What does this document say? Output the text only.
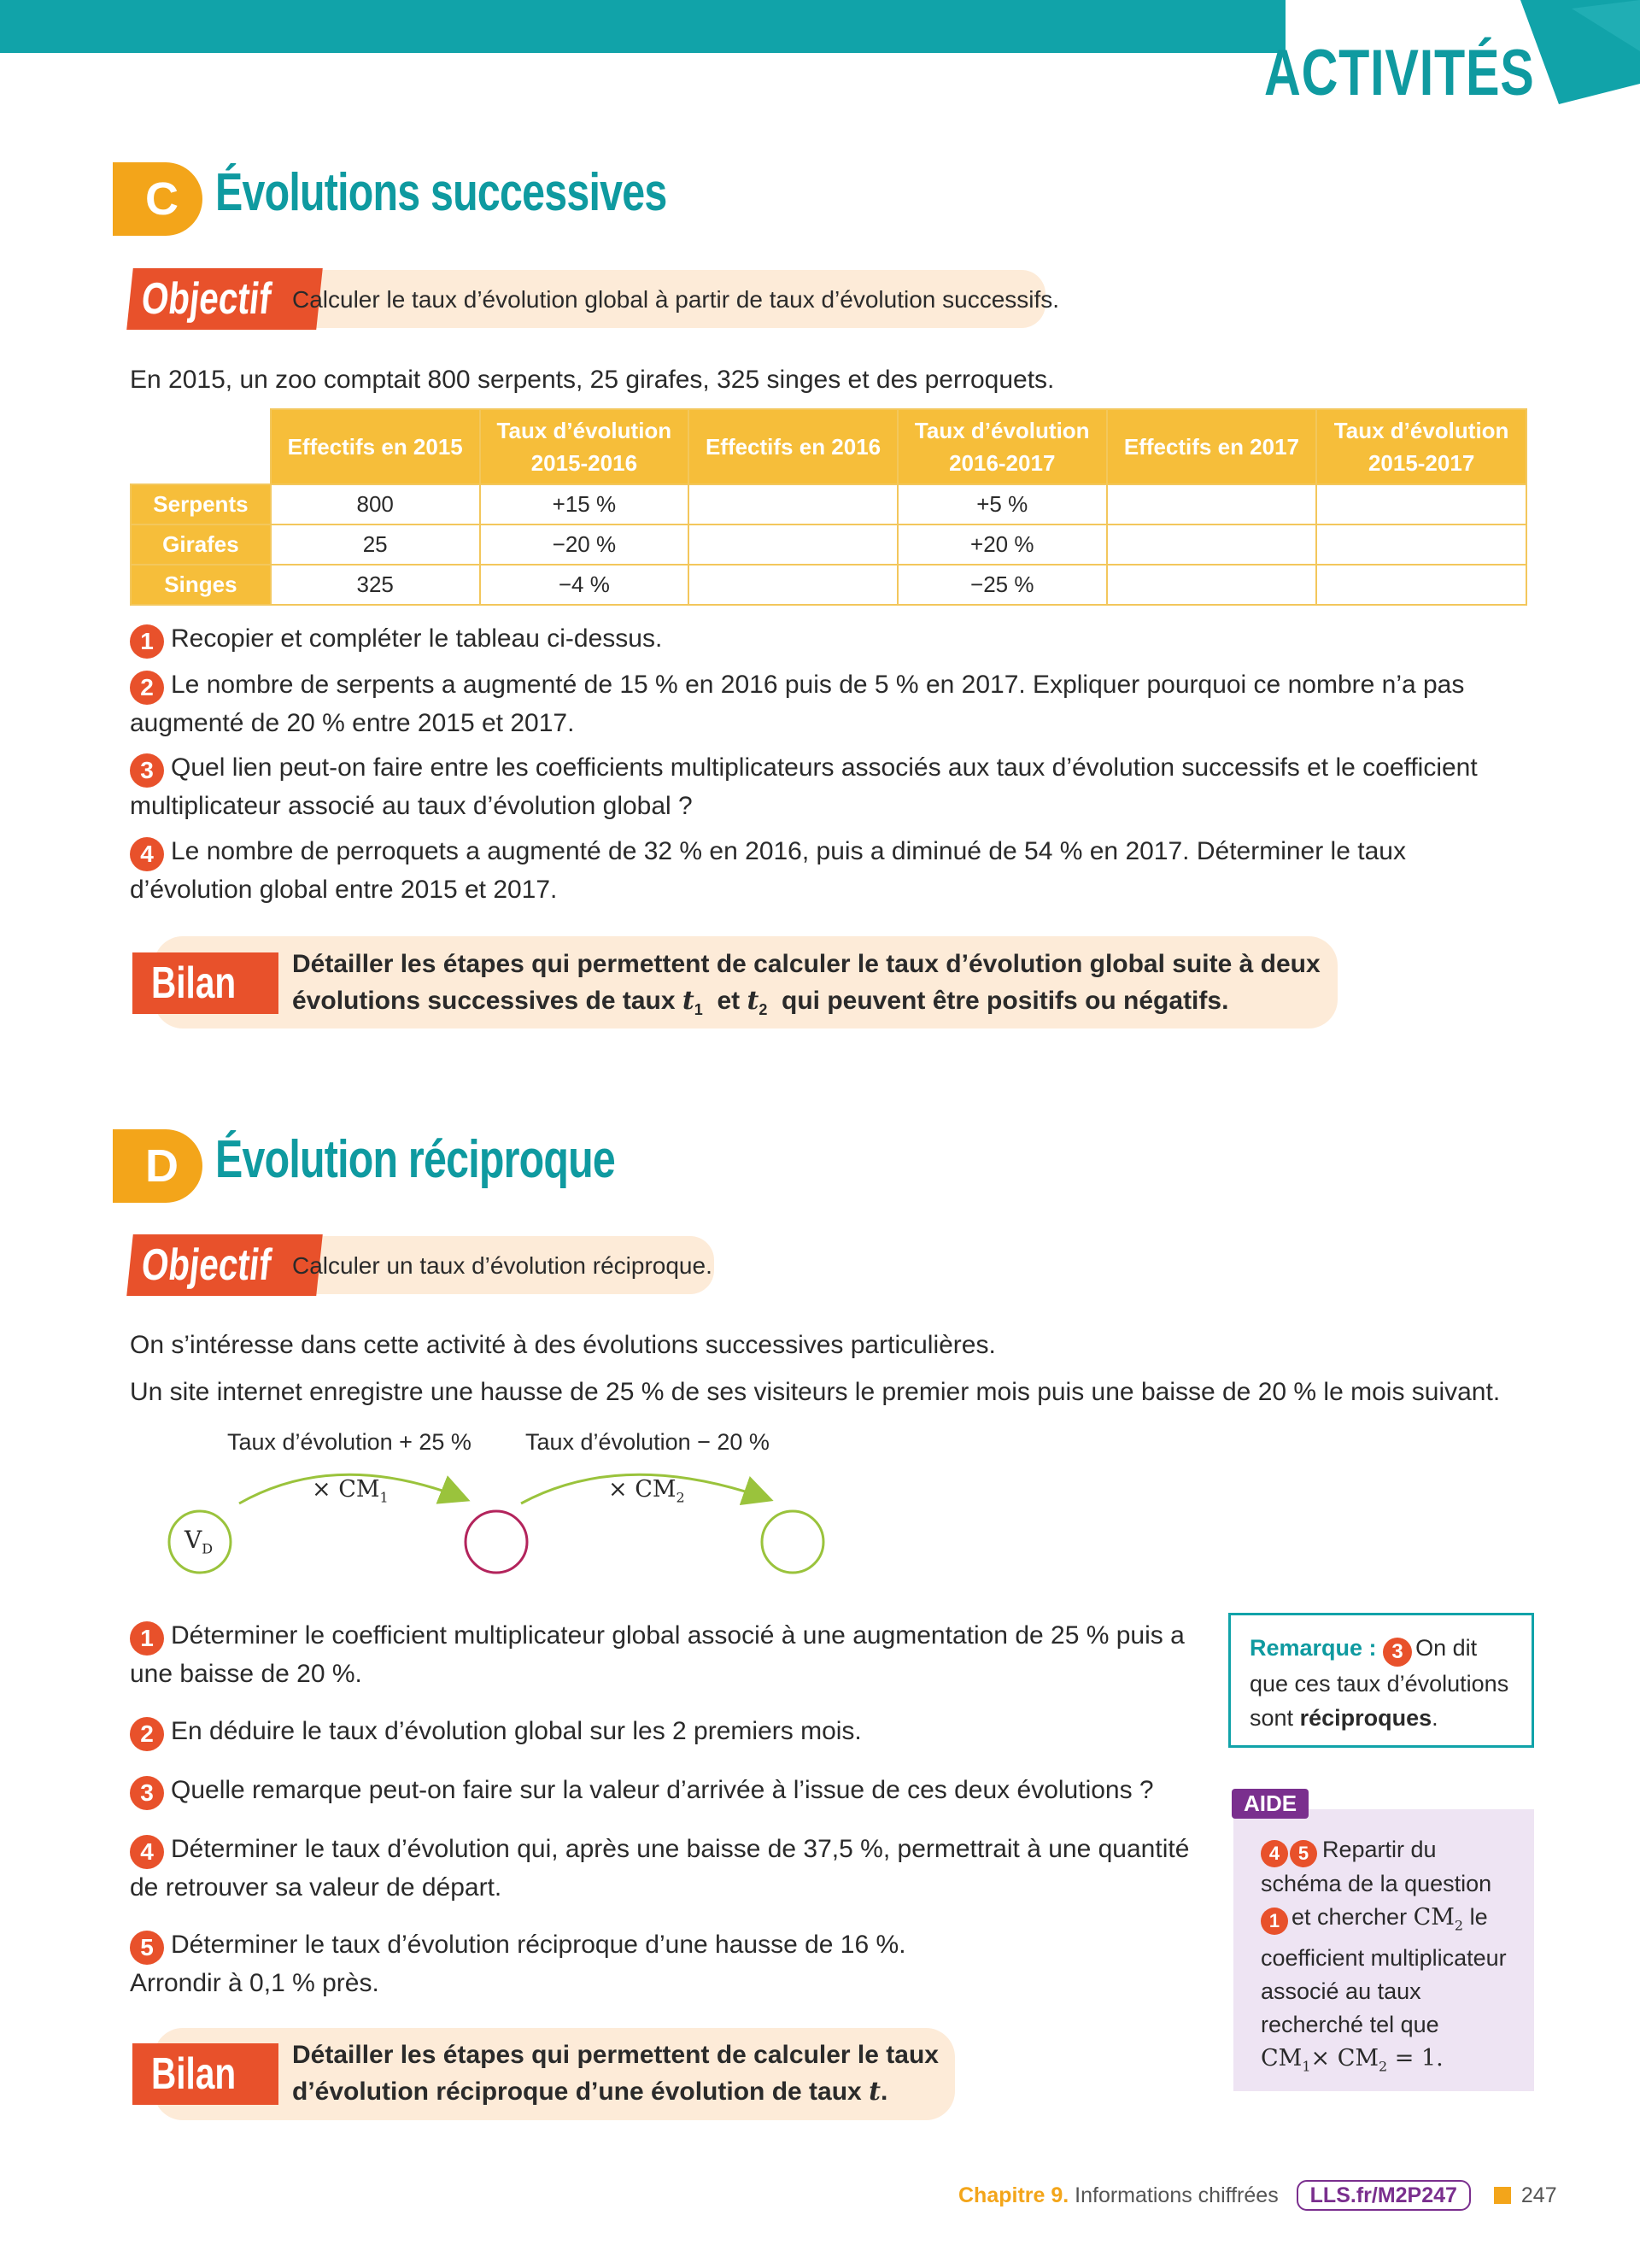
ACTIVITÉS
C Évolutions successives
Objectif Calculer le taux d’évolution global à partir de taux d’évolution successifs.
En 2015, un zoo comptait 800 serpents, 25 girafes, 325 singes et des perroquets.
	Effectifs en 2015	Taux d’évolution 2015-2016	Effectifs en 2016	Taux d’évolution 2016-2017	Effectifs en 2017	Taux d’évolution 2015-2017
Serpents	800	+15 %		+5 %		
Girafes	25	−20 %		+20 %		
Singes	325	−4 %		−25 %		
1 Recopier et compléter le tableau ci-dessus.
2 Le nombre de serpents a augmenté de 15 % en 2016 puis de 5 % en 2017. Expliquer pourquoi ce nombre n’a pas augmenté de 20 % entre 2015 et 2017.
3 Quel lien peut-on faire entre les coefficients multiplicateurs associés aux taux d’évolution successifs et le coefficient multiplicateur associé au taux d’évolution global ?
4 Le nombre de perroquets a augmenté de 32 % en 2016, puis a diminué de 54 % en 2017. Déterminer le taux d’évolution global entre 2015 et 2017.
Bilan	Détailler les étapes qui permettent de calculer le taux d’évolution global suite à deux
évolutions successives de taux $t_1$ et $t_2$ qui peuvent être positifs ou négatifs.
D Évolution réciproque
Objectif Calculer un taux d’évolution réciproque.
On s’intéresse dans cette activité à des évolutions successives particulières.
Un site internet enregistre une hausse de 25 % de ses visiteurs le premier mois puis une baisse de 20 % le mois suivant.
Taux d’évolution + 25 % Taux d’évolution − 20 %
× $CM_1$	× $CM_2$
$V_D$
1 Déterminer le coefficient multiplicateur global associé à une augmentation de 25 % puis a une baisse de 20 %.
2 En déduire le taux d’évolution global sur les 2 premiers mois.
3 Quelle remarque peut-on faire sur la valeur d’arrivée à l’issue de ces deux évolutions ?
4 Déterminer le taux d’évolution qui, après une baisse de 37,5 %, permettrait à une quantité de retrouver sa valeur de départ.
5 Déterminer le taux d’évolution réciproque d’une hausse de 16 %.
Arrondir à 0,1 % près.
Remarque : 3 On dit que ces taux d’évolutions sont réciproques.
4 5 Repartir du schéma de la question 1 et chercher $CM_2$ le coefficient multiplicateur associé au taux recherché tel que $CM_1\times CM_2 = 1$.
AIDE
Bilan	Détailler les étapes qui permettent de calculer le taux
d’évolution réciproque d’une évolution de taux t.
Chapitre 9. Informations chiffrées LLS.fr/M2P247	247
